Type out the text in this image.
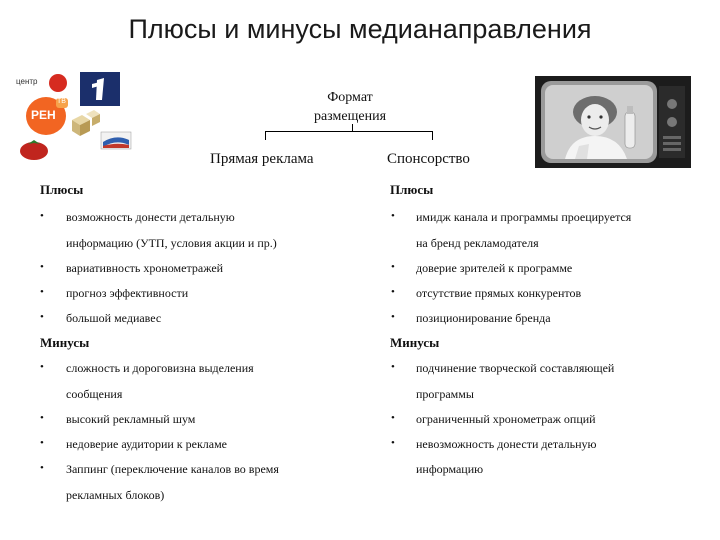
Плюсы и минусы медианаправления
центр
РЕН
ТВ	Формат
размещения
Прямая реклама	Спонсорство
Плюсы
• возможность донести детальную
информацию (УТП, условия акции и пр.)
• вариативность хронометражей
• прогноз эффективности
• большой медиавес
Минусы
• сложность и дороговизна выделения
сообщения
• высокий рекламный шум
• недоверие аудитории к рекламе
• Заппинг (переключение каналов во время
рекламных блоков)
Плюсы
• имидж канала и программы проецируется
на бренд рекламодателя
• доверие зрителей к программе
• отсутствие прямых конкурентов
• позиционирование бренда
Минусы
• подчинение творческой составляющей
программы
• ограниченный хронометраж опций
• невозможность донести детальную
информацию
